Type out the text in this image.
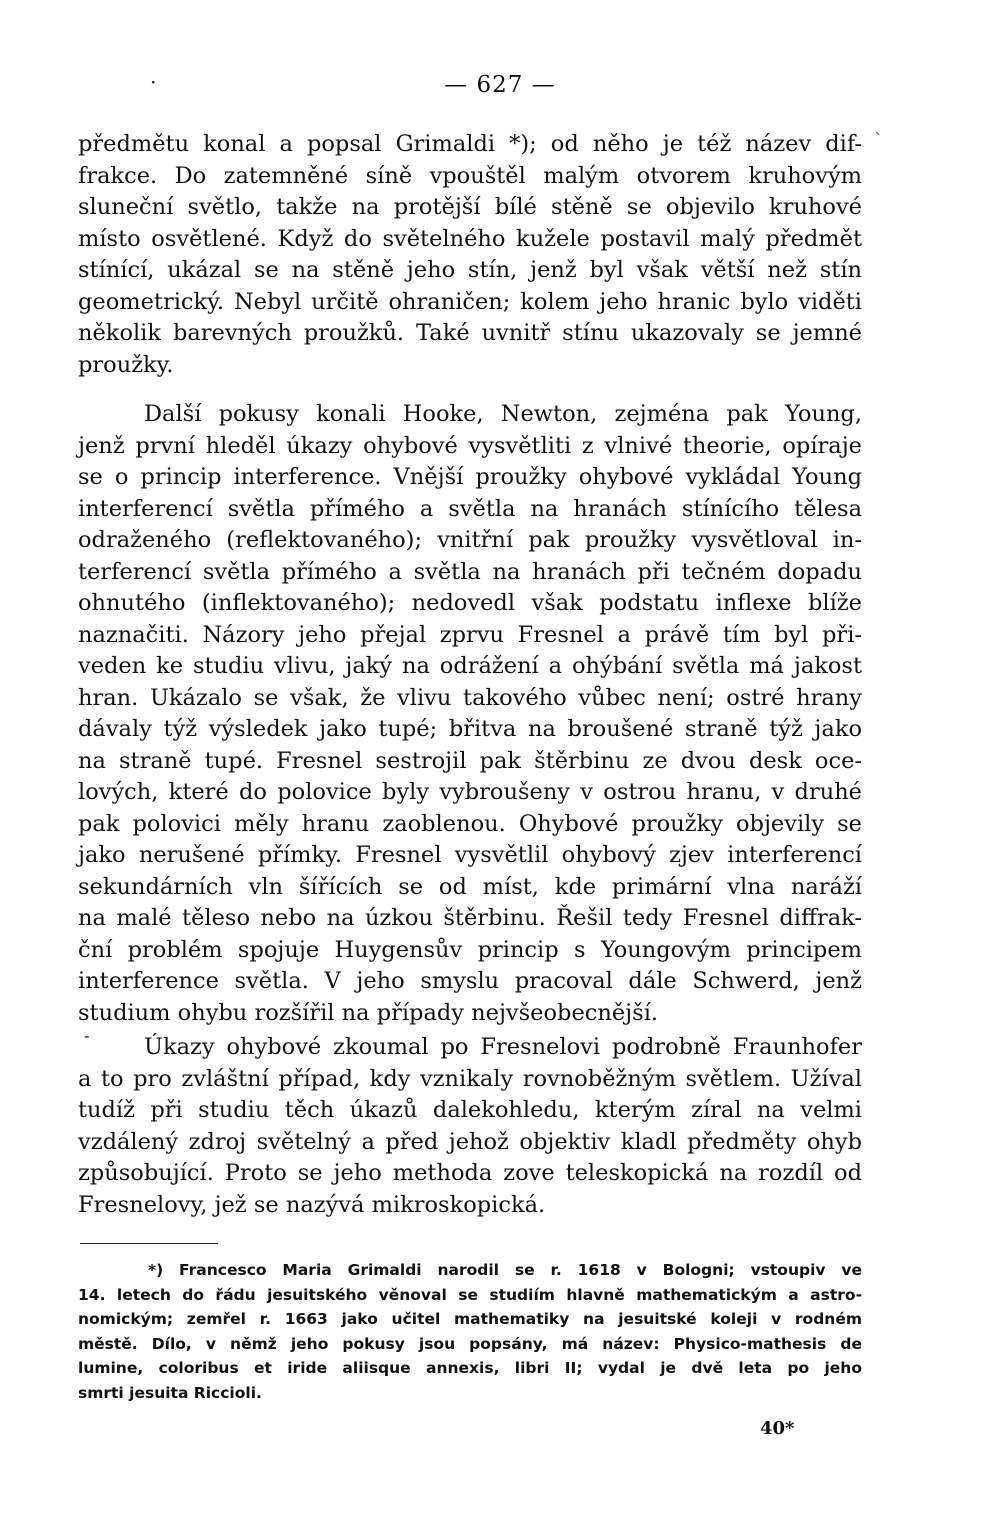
·	— 627 —
ˋ
předmětu konal a popsal Grimaldi *); od něho je též název dif-
frakce. Do zatemněné síně vpouštěl malým otvorem kruhovým
sluneční světlo, takže na protější bílé stěně se objevilo kruhové
místo osvětlené. Když do světelného kužele postavil malý předmět
stínící, ukázal se na stěně jeho stín, jenž byl však větší než stín
geometrický. Nebyl určitě ohraničen; kolem jeho hranic bylo viděti
několik barevných proužků. Také uvnitř stínu ukazovaly se jemné
proužky.
Další pokusy konali Hooke, Newton, zejména pak Young,
jenž první hleděl úkazy ohybové vysvětliti z vlnivé theorie, opíraje
se o princip interference. Vnější proužky ohybové vykládal Young
interferencí světla přímého a světla na hranách stínícího tělesa
odraženého (reflektovaného); vnitřní pak proužky vysvětloval in-
terferencí světla přímého a světla na hranách při tečném dopadu
ohnutého (inflektovaného); nedovedl však podstatu inflexe blíže
naznačiti. Názory jeho přejal zprvu Fresnel a právě tím byl při-
veden ke studiu vlivu, jaký na odrážení a ohýbání světla má jakost
hran. Ukázalo se však, že vlivu takového vůbec není; ostré hrany
dávaly týž výsledek jako tupé; břitva na broušené straně týž jako
na straně tupé. Fresnel sestrojil pak štěrbinu ze dvou desk oce-
lových, které do polovice byly vybroušeny v ostrou hranu, v druhé
pak polovici měly hranu zaoblenou. Ohybové proužky objevily se
jako nerušené přímky. Fresnel vysvětlil ohybový zjev interferencí
sekundárních vln šířících se od míst, kde primární vlna naráží
na malé těleso nebo na úzkou štěrbinu. Řešil tedy Fresnel diffrak-
ční problém spojuje Huygensův princip s Youngovým principem
interference světla. V jeho smyslu pracoval dále Schwerd, jenž
studium ohybu rozšířil na případy nejvšeobecnější.
-	Úkazy ohybové zkoumal po Fresnelovi podrobně Fraunhofer
a to pro zvláštní případ, kdy vznikaly rovnoběžným světlem. Užíval
tudíž při studiu těch úkazů dalekohledu, kterým zíral na velmi
vzdálený zdroj světelný a před jehož objektiv kladl předměty ohyb
způsobující. Proto se jeho methoda zove teleskopická na rozdíl od
Fresnelovy, jež se nazývá mikroskopická.
*) Francesco Maria Grimaldi narodil se r. 1618 v Bologni; vstoupiv ve
14. letech do řádu jesuitského věnoval se studiím hlavně mathematickým a astro-
nomickým; zemřel r. 1663 jako učitel mathematiky na jesuitské koleji v rodném
městě. Dílo, v němž jeho pokusy jsou popsány, má název: Physico-mathesis de
lumine, coloribus et iride aliisque annexis, libri II; vydal je dvě leta po jeho
smrti jesuita Riccioli.
40*
